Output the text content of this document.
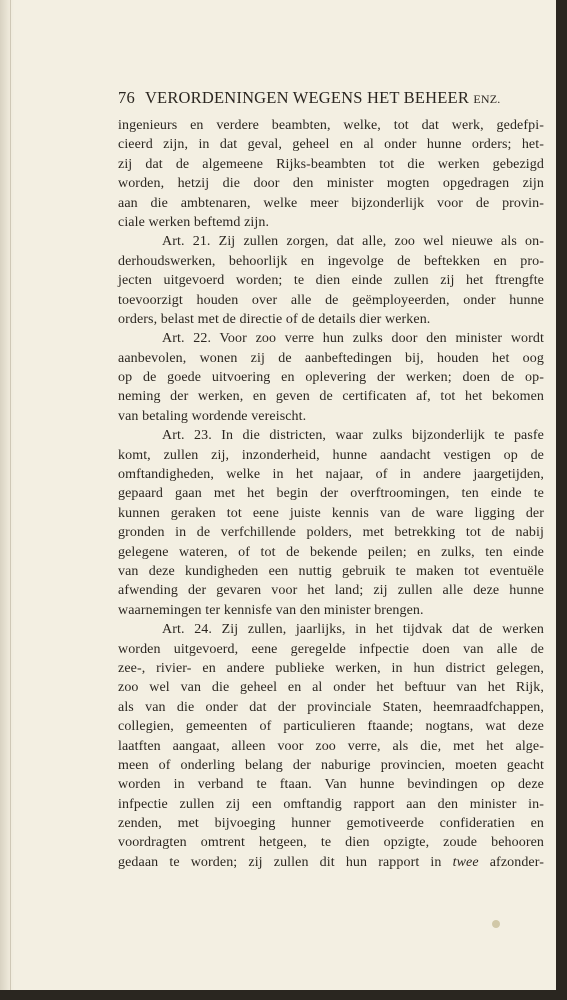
76 VERORDENINGEN WEGENS HET BEHEER ENZ.
ingenieurs en verdere beambten, welke, tot dat werk, gedefpi-
cieerd zijn, in dat geval, geheel en al onder hunne orders; het-
zij dat de algemeene Rijks-beambten tot die werken gebezigd
worden, hetzij die door den minister mogten opgedragen zijn
aan die ambtenaren, welke meer bijzonderlijk voor de provin-
ciale werken beftemd zijn.
Art. 21. Zij zullen zorgen, dat alle, zoo wel nieuwe als on-
derhoudswerken, behoorlijk en ingevolge de beftekken en pro-
jecten uitgevoerd worden; te dien einde zullen zij het ftrengfte
toevoorzigt houden over alle de geëmployeerden, onder hunne
orders, belast met de directie of de details dier werken.
Art. 22. Voor zoo verre hun zulks door den minister wordt
aanbevolen, wonen zij de aanbeftedingen bij, houden het oog
op de goede uitvoering en oplevering der werken; doen de op-
neming der werken, en geven de certificaten af, tot het bekomen
van betaling wordende vereischt.
Art. 23. In die districten, waar zulks bijzonderlijk te pasfe
komt, zullen zij, inzonderheid, hunne aandacht vestigen op de
omftandigheden, welke in het najaar, of in andere jaargetijden,
gepaard gaan met het begin der overftroomingen, ten einde te
kunnen geraken tot eene juiste kennis van de ware ligging der
gronden in de verfchillende polders, met betrekking tot de nabij
gelegene wateren, of tot de bekende peilen; en zulks, ten einde
van deze kundigheden een nuttig gebruik te maken tot eventuële
afwending der gevaren voor het land; zij zullen alle deze hunne
waarnemingen ter kennisfe van den minister brengen.
Art. 24. Zij zullen, jaarlijks, in het tijdvak dat de werken
worden uitgevoerd, eene geregelde infpectie doen van alle de
zee-, rivier- en andere publieke werken, in hun district gelegen,
zoo wel van die geheel en al onder het beftuur van het Rijk,
als van die onder dat der provinciale Staten, heemraadfchappen,
collegien, gemeenten of particulieren ftaande; nogtans, wat deze
laatften aangaat, alleen voor zoo verre, als die, met het alge-
meen of onderling belang der naburige provincien, moeten geacht
worden in verband te ftaan. Van hunne bevindingen op deze
infpectie zullen zij een omftandig rapport aan den minister in-
zenden, met bijvoeging hunner gemotiveerde confideratien en
voordragten omtrent hetgeen, te dien opzigte, zoude behooren
gedaan te worden; zij zullen dit hun rapport in twee afzonder-
